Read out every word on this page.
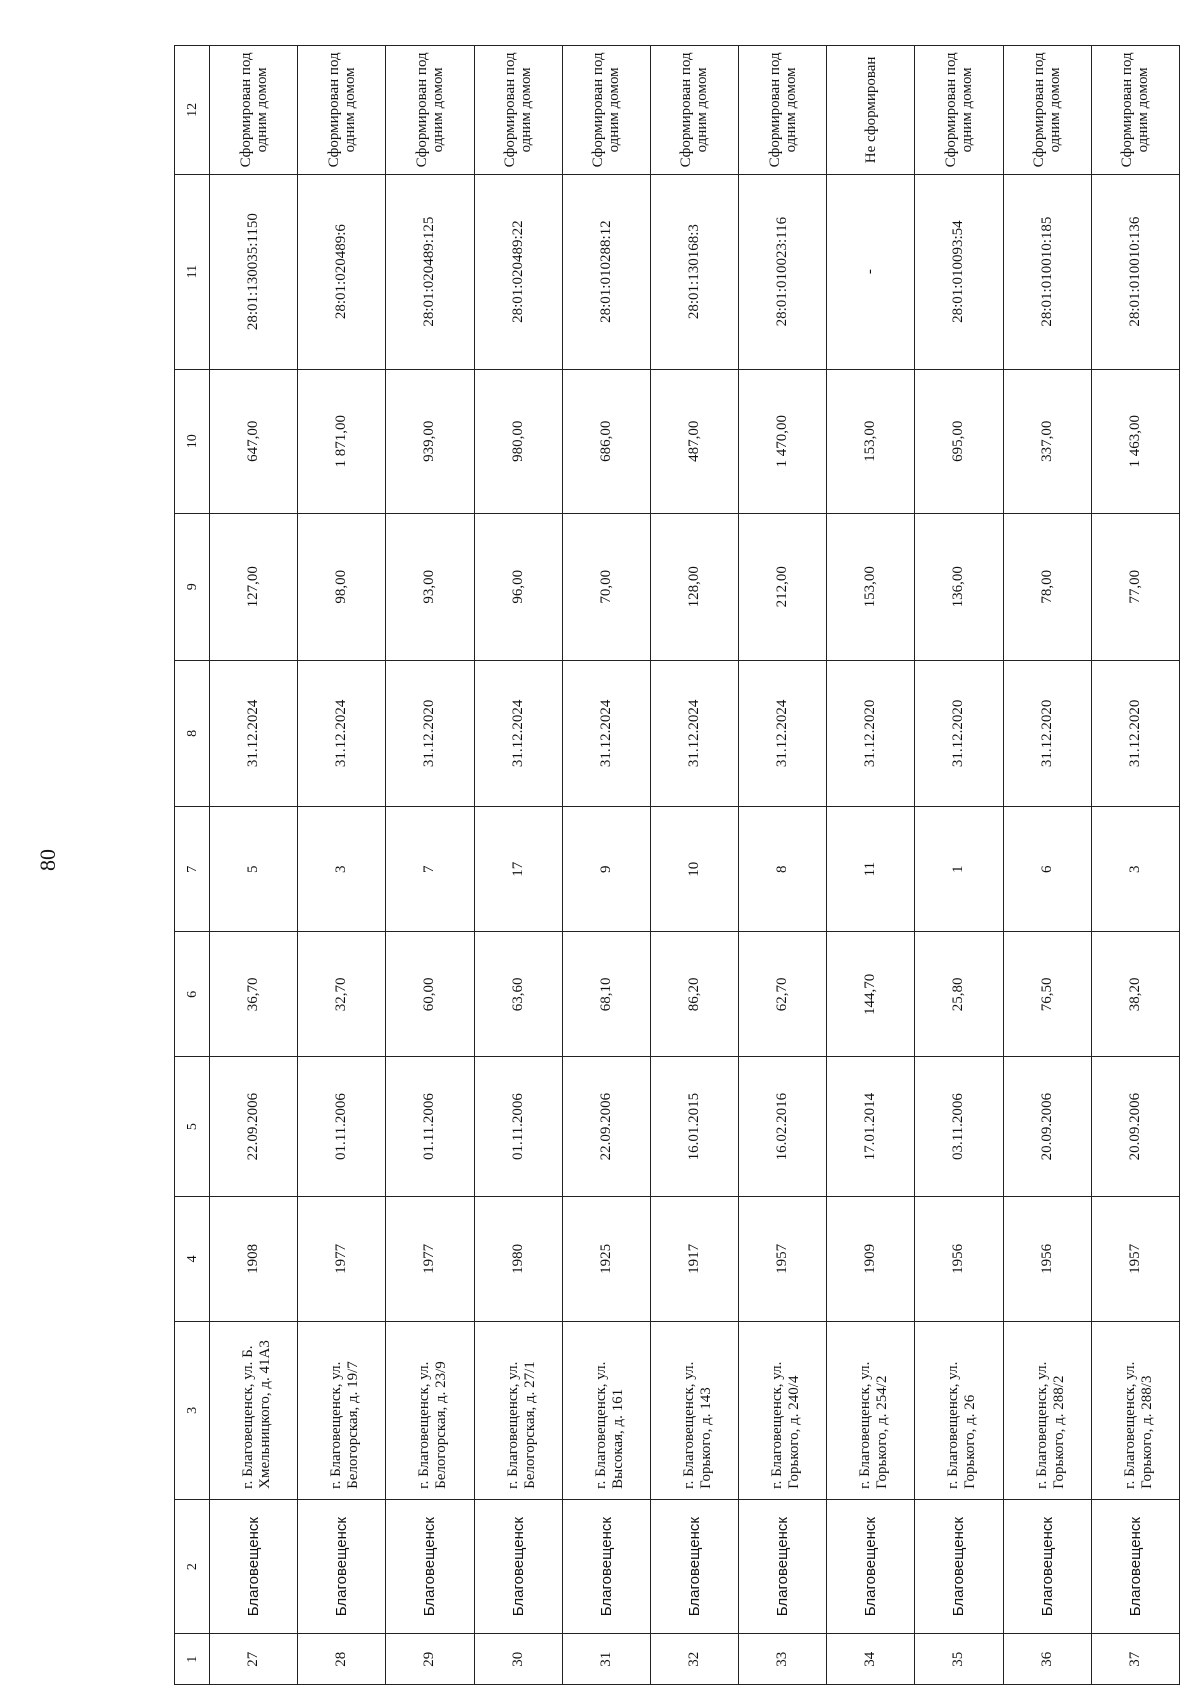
80
1	2	3	4	5	6	7	8	9	10	11	12
27	Благовещенск	г. Благовещенск, ул. Б. Хмельницкого, д. 41А3	1908	22.09.2006	36,70	5	31.12.2024	127,00	647,00	28:01:130035:1150	Сформирован под одним домом
28	Благовещенск	г. Благовещенск, ул. Белогорская, д. 19/7	1977	01.11.2006	32,70	3	31.12.2024	98,00	1 871,00	28:01:020489:6	Сформирован под одним домом
29	Благовещенск	г. Благовещенск, ул. Белогорская, д. 23/9	1977	01.11.2006	60,00	7	31.12.2020	93,00	939,00	28:01:020489:125	Сформирован под одним домом
30	Благовещенск	г. Благовещенск, ул. Белогорская, д. 27/1	1980	01.11.2006	63,60	17	31.12.2024	96,00	980,00	28:01:020489:22	Сформирован под одним домом
31	Благовещенск	г. Благовещенск, ул. Высокая, д. 161	1925	22.09.2006	68,10	9	31.12.2024	70,00	686,00	28:01:010288:12	Сформирован под одним домом
32	Благовещенск	г. Благовещенск, ул. Горького, д. 143	1917	16.01.2015	86,20	10	31.12.2024	128,00	487,00	28:01:130168:3	Сформирован под одним домом
33	Благовещенск	г. Благовещенск, ул. Горького, д. 240/4	1957	16.02.2016	62,70	8	31.12.2024	212,00	1 470,00	28:01:010023:116	Сформирован под одним домом
34	Благовещенск	г. Благовещенск, ул. Горького, д. 254/2	1909	17.01.2014	144,70	11	31.12.2020	153,00	153,00	-	Не сформирован
35	Благовещенск	г. Благовещенск, ул. Горького, д. 26	1956	03.11.2006	25,80	1	31.12.2020	136,00	695,00	28:01:010093:54	Сформирован под одним домом
36	Благовещенск	г. Благовещенск, ул. Горького, д. 288/2	1956	20.09.2006	76,50	6	31.12.2020	78,00	337,00	28:01:010010:185	Сформирован под одним домом
37	Благовещенск	г. Благовещенск, ул. Горького, д. 288/3	1957	20.09.2006	38,20	3	31.12.2020	77,00	1 463,00	28:01:010010:136	Сформирован под одним домом
